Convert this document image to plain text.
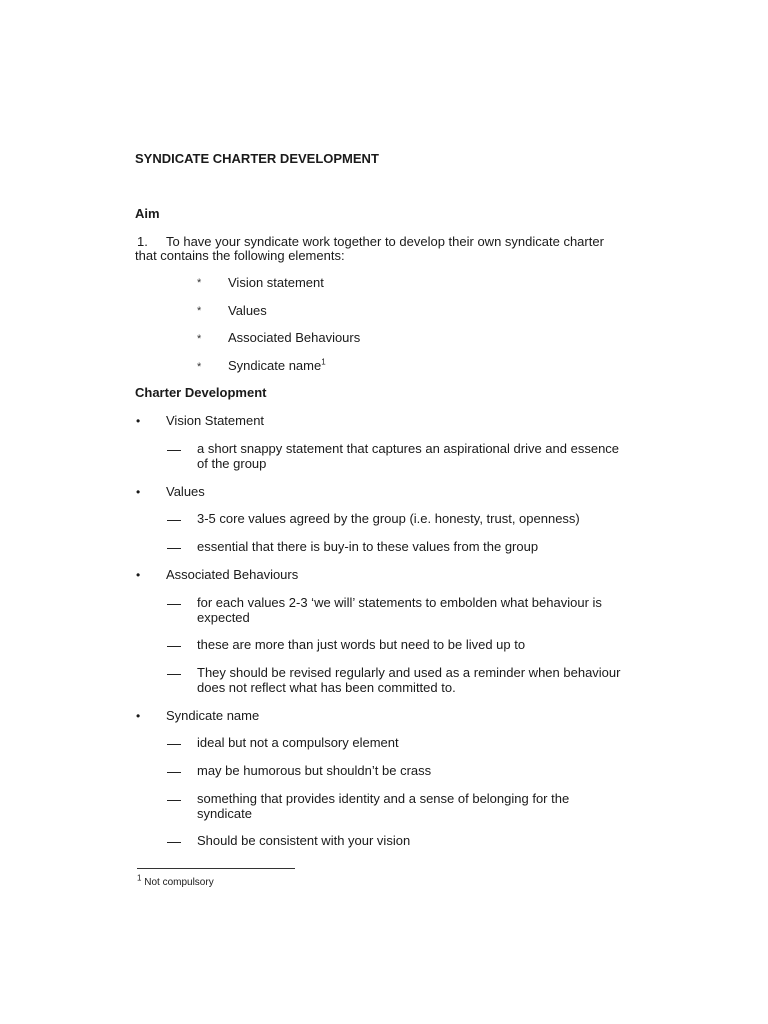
SYNDICATE CHARTER DEVELOPMENT
Aim
1. To have your syndicate work together to develop their own syndicate charter
that contains the following elements:
* Vision statement
* Values
* Associated Behaviours
* Syndicate name$^1$
Charter Development
• Vision Statement
a short snappy statement that captures an aspirational drive and essence
of the group
• Values
3-5 core values agreed by the group (i.e. honesty, trust, openness)
essential that there is buy-in to these values from the group
• Associated Behaviours
for each values 2-3 ‘we will’ statements to embolden what behaviour is
expected
these are more than just words but need to be lived up to
They should be revised regularly and used as a reminder when behaviour
does not reflect what has been committed to.
• Syndicate name
ideal but not a compulsory element
may be humorous but shouldn’t be crass
something that provides identity and a sense of belonging for the
syndicate
Should be consistent with your vision
$^1$ Not compulsory
